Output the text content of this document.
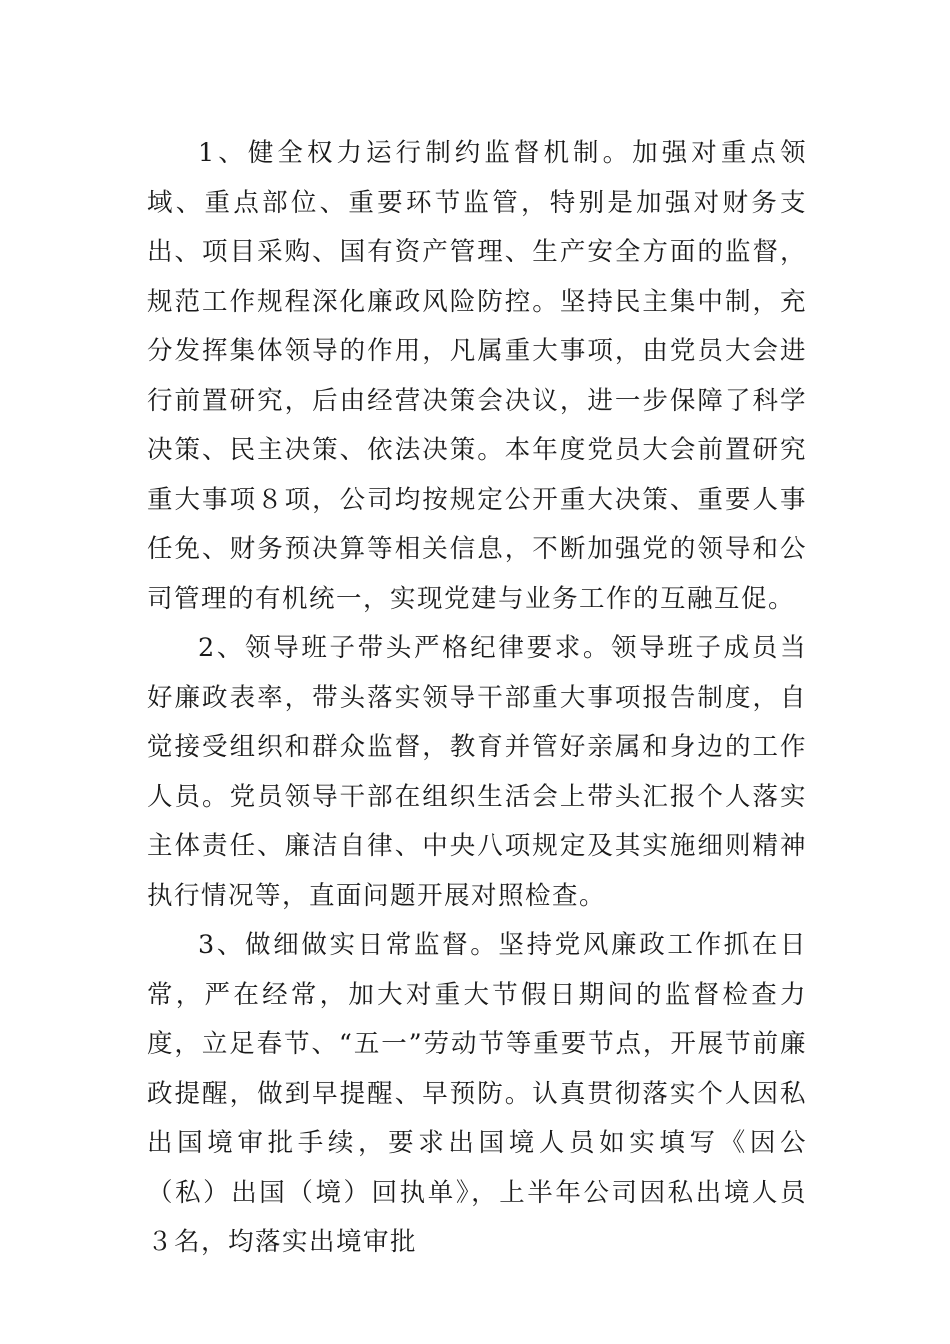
1、健全权力运行制约监督机制。加强对重点领域、重点部位、重要环节监管，特别是加强对财务支出、项目采购、国有资产管理、生产安全方面的监督，规范工作规程深化廉政风险防控。坚持民主集中制，充分发挥集体领导的作用，凡属重大事项，由党员大会进行前置研究，后由经营决策会决议，进一步保障了科学决策、民主决策、依法决策。本年度党员大会前置研究重大事项８项，公司均按规定公开重大决策、重要人事任免、财务预决算等相关信息，不断加强党的领导和公司管理的有机统一，实现党建与业务工作的互融互促。

2、领导班子带头严格纪律要求。领导班子成员当好廉政表率，带头落实领导干部重大事项报告制度，自觉接受组织和群众监督，教育并管好亲属和身边的工作人员。党员领导干部在组织生活会上带头汇报个人落实主体责任、廉洁自律、中央八项规定及其实施细则精神执行情况等，直面问题开展对照检查。

3、做细做实日常监督。坚持党风廉政工作抓在日常，严在经常，加大对重大节假日期间的监督检查力度，立足春节、“五一”劳动节等重要节点，开展节前廉政提醒，做到早提醒、早预防。认真贯彻落实个人因私出国境审批手续，要求出国境人员如实填写《因公（私）出国（境）回执单》，上半年公司因私出境人员３名，均落实出境审批
